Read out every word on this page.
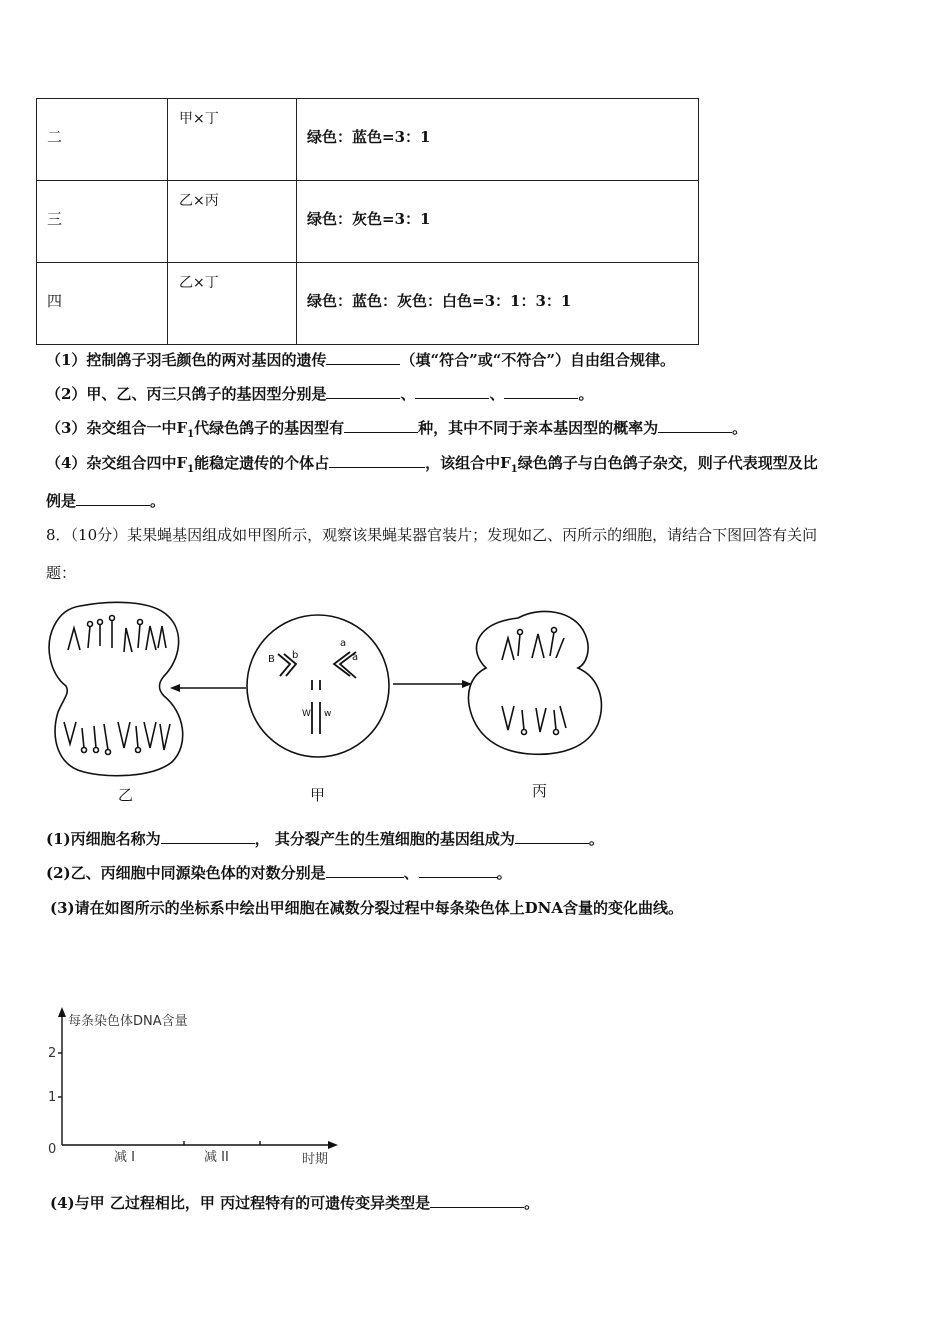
二	甲×丁	绿色：蓝色=3：1

三	乙×丙	绿色：灰色=3：1

四	乙×丁	绿色：蓝色：灰色：白色=3：1：3：1
（1）控制鸽子羽毛颜色的两对基因的遗传	（填“符合”或“不符合”）自由组合规律。
（2）甲、乙、丙三只鸽子的基因型分别是	、	、	。
（3）杂交组合一中$F_1$代绿色鸽子的基因型有	种，其中不同于亲本基因型的概率为	。
（4）杂交组合四中$F_1$能稳定遗传的个体占	，该组合中$F_1$绿色鸽子与白色鸽子杂交，则子代表现型及比
例是	。
8．（10分）某果蝇基因组成如甲图所示，观察该果蝇某器官装片；发现如乙、丙所示的细胞，请结合下图回答有关问
题：
B b
a
a
W w
乙	甲	丙
(1)丙细胞名称为	， 其分裂产生的生殖细胞的基因组成为	。
(2)乙、丙细胞中同源染色体的对数分别是	、	。
(3)请在如图所示的坐标系中绘出甲细胞在减数分裂过程中每条染色体上DNA含量的变化曲线。
每条染色体DNA含量
2
1
0
减 I	减 II	时期
(4)与甲 乙过程相比，甲 丙过程特有的可遗传变异类型是	。
